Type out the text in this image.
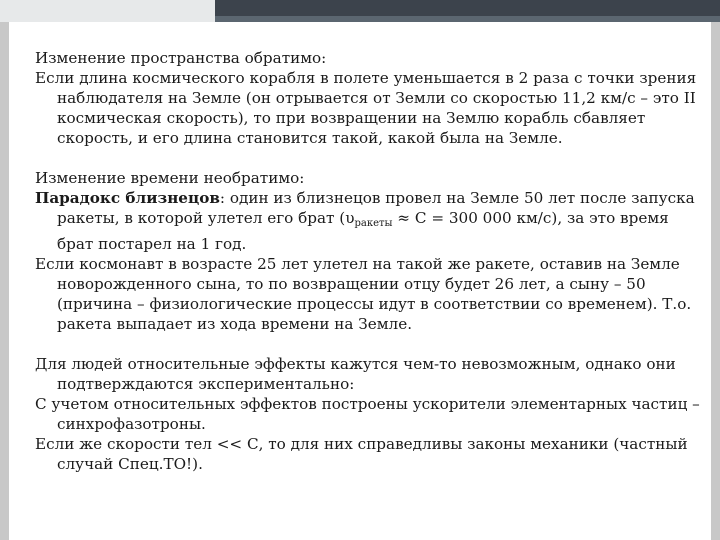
Изменение пространства обратимо:

Если длина космического корабля в полете уменьшается в 2 раза с точки зрения наблюдателя на Земле (он отрывается от Земли со скоростью 11,2 км/с – это II космическая скорость), то при возвращении на Землю корабль сбавляет скорость, и его длина становится такой, какой была на Земле.

Изменение времени необратимо:

Парадокс близнецов: один из близнецов провел на Земле 50 лет после запуска ракеты, в которой улетел его брат ($\upsilon_{ракеты} \approx С = 300$ 000 км/с), за это время брат постарел на 1 год.

Если космонавт в возрасте 25 лет улетел на такой же ракете, оставив на Земле новорожденного сына, то по возвращении отцу будет 26 лет, а сыну – 50 (причина – физиологические процессы идут в соответствии со временем). Т.о. ракета выпадает из хода времени на Земле.

Для людей относительные эффекты кажутся чем-то невозможным, однако они подтверждаются экспериментально:

С учетом относительных эффектов построены ускорители элементарных частиц – синхрофазотроны.

Если же скорости тел << С, то для них справедливы законы механики (частный случай Спец.ТО!).
